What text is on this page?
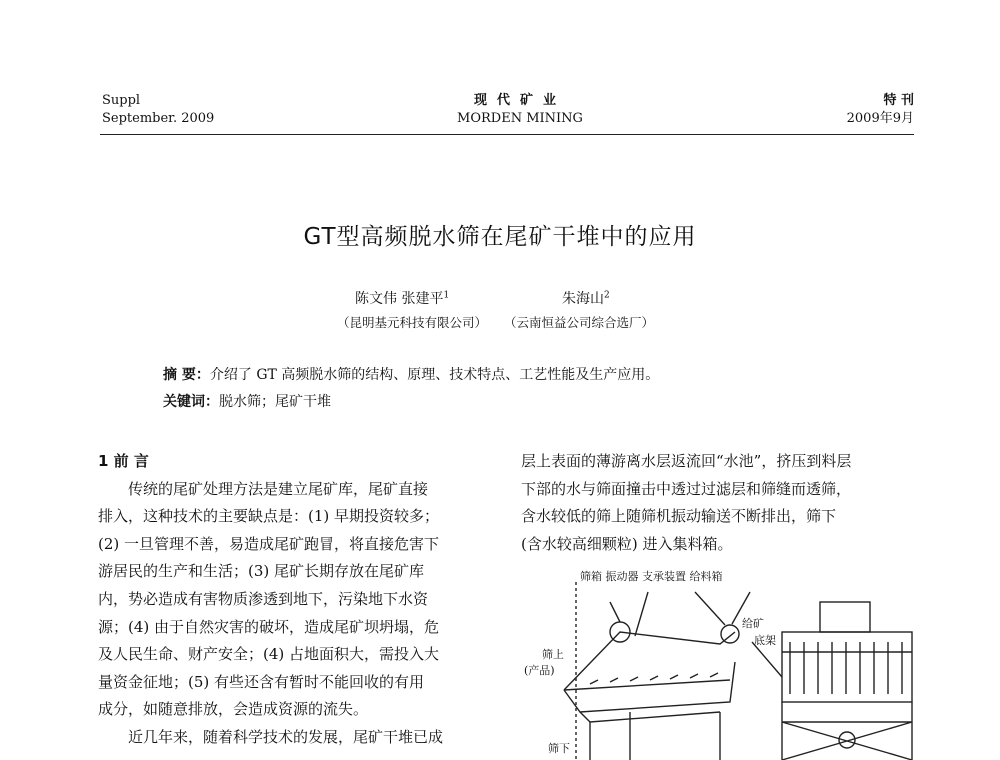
Suppl
September. 2009
现代矿业
MORDEN MINING
特 刊
2009年9月
GT型高频脱水筛在尾矿干堆中的应用
陈文伟 张建平$^1$	朱海山$^2$
（昆明基元科技有限公司） （云南恒益公司综合选厂）
摘 要：介绍了 GT 高频脱水筛的结构、原理、技术特点、工艺性能及生产应用。
关键词：脱水筛；尾矿干堆
1 前 言
传统的尾矿处理方法是建立尾矿库，尾矿直接
排入，这种技术的主要缺点是：(1) 早期投资较多；
(2) 一旦管理不善，易造成尾矿跑冒，将直接危害下
游居民的生产和生活；(3) 尾矿长期存放在尾矿库
内，势必造成有害物质渗透到地下，污染地下水资
源；(4) 由于自然灾害的破坏，造成尾矿坝坍塌，危
及人民生命、财产安全；(4) 占地面积大，需投入大
量资金征地；(5) 有些还含有暂时不能回收的有用
成分，如随意排放，会造成资源的流失。
近几年来，随着科学技术的发展，尾矿干堆已成
层上表面的薄游离水层返流回“水池”，挤压到料层
下部的水与筛面撞击中透过过滤层和筛缝而透筛，
含水较低的筛上随筛机振动输送不断排出，筛下
(含水较高细颗粒) 进入集料箱。
筛箱 振动器 支承装置 给料箱
给矿
底架
筛上
(产品)
筛下
